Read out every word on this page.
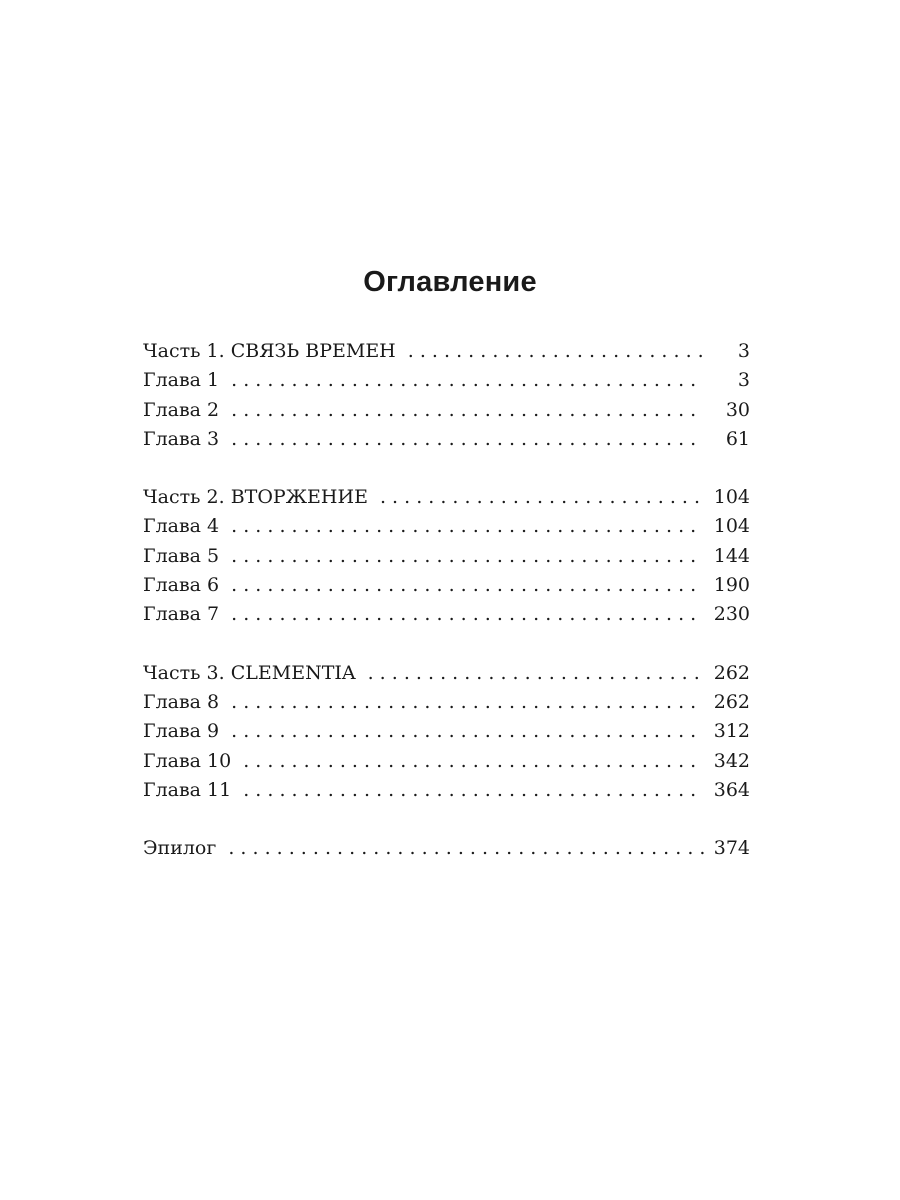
Оглавление
Часть 1. СВЯЗЬ ВРЕМЕН . . .	3
Глава 1 . . .	3
Глава 2 . . .	30
Глава 3 . . .	61
Часть 2. ВТОРЖЕНИЕ . . .	104
Глава 4 . . .	104
Глава 5 . . .	144
Глава 6 . . .	190
Глава 7 . . .	230
Часть 3. CLEMENTIA . . .	262
Глава 8 . . .	262
Глава 9 . . .	312
Глава 10 . . .	342
Глава 11 . . .	364
Эпилог . . .	374
